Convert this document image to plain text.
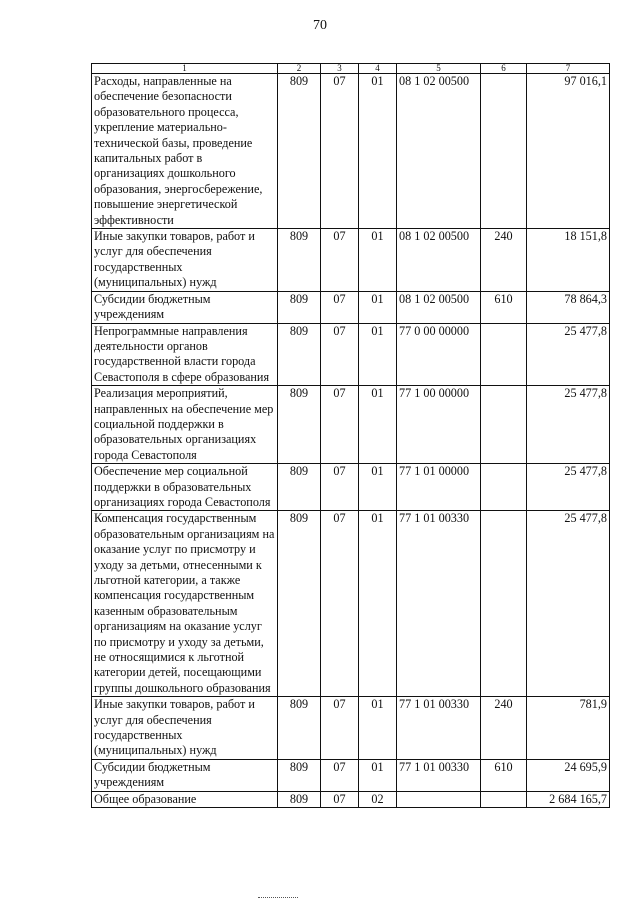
70
1	2	3	4	5	6	7
Расходы, направленные на обеспечение безопасности образовательного процесса, укрепление материально-технической базы, проведение капитальных работ в организациях дошкольного образования, энергосбережение, повышение энергетической эффективности	809	07	01	08 1 02 00500		97 016,1
Иные закупки товаров, работ и услуг для обеспечения государственных (муниципальных) нужд	809	07	01	08 1 02 00500	240	18 151,8
Субсидии бюджетным учреждениям	809	07	01	08 1 02 00500	610	78 864,3
Непрограммные направления деятельности органов государственной власти города Севастополя в сфере образования	809	07	01	77 0 00 00000		25 477,8
Реализация мероприятий, направленных на обеспечение мер социальной поддержки в образовательных организациях города Севастополя	809	07	01	77 1 00 00000		25 477,8
Обеспечение мер социальной поддержки в образовательных организациях города Севастополя	809	07	01	77 1 01 00000		25 477,8
Компенсация государственным образовательным организациям на оказание услуг по присмотру и уходу за детьми, отнесенными к льготной категории, а также компенсация государственным казенным образовательным организациям на оказание услуг по присмотру и уходу за детьми, не относящимися к льготной категории детей, посещающими группы дошкольного образования	809	07	01	77 1 01 00330		25 477,8
Иные закупки товаров, работ и услуг для обеспечения государственных (муниципальных) нужд	809	07	01	77 1 01 00330	240	781,9
Субсидии бюджетным учреждениям	809	07	01	77 1 01 00330	610	24 695,9
Общее образование	809	07	02			2 684 165,7
